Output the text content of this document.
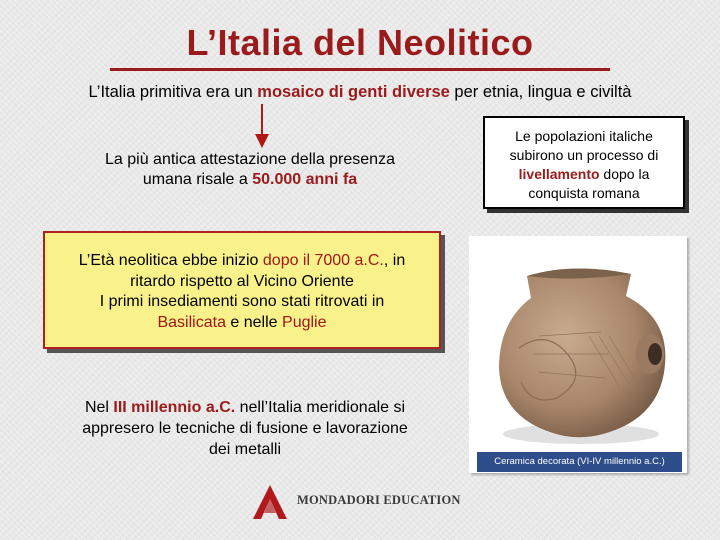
L’Italia del Neolitico
L’Italia primitiva era un mosaico di genti diverse per etnia, lingua e civiltà
La più antica attestazione della presenza
umana risale a 50.000 anni fa
Le popolazioni italiche
subirono un processo di
livellamento dopo la
conquista romana
L’Età neolitica ebbe inizio dopo il 7000 a.C., in
ritardo rispetto al Vicino Oriente
I primi insediamenti sono stati ritrovati in
Basilicata e nelle Puglie
Nel III millennio a.C. nell’Italia meridionale si
appresero le tecniche di fusione e lavorazione
dei metalli
Ceramica decorata (VI-IV millennio a.C.)
MONDADORI EDUCATION
